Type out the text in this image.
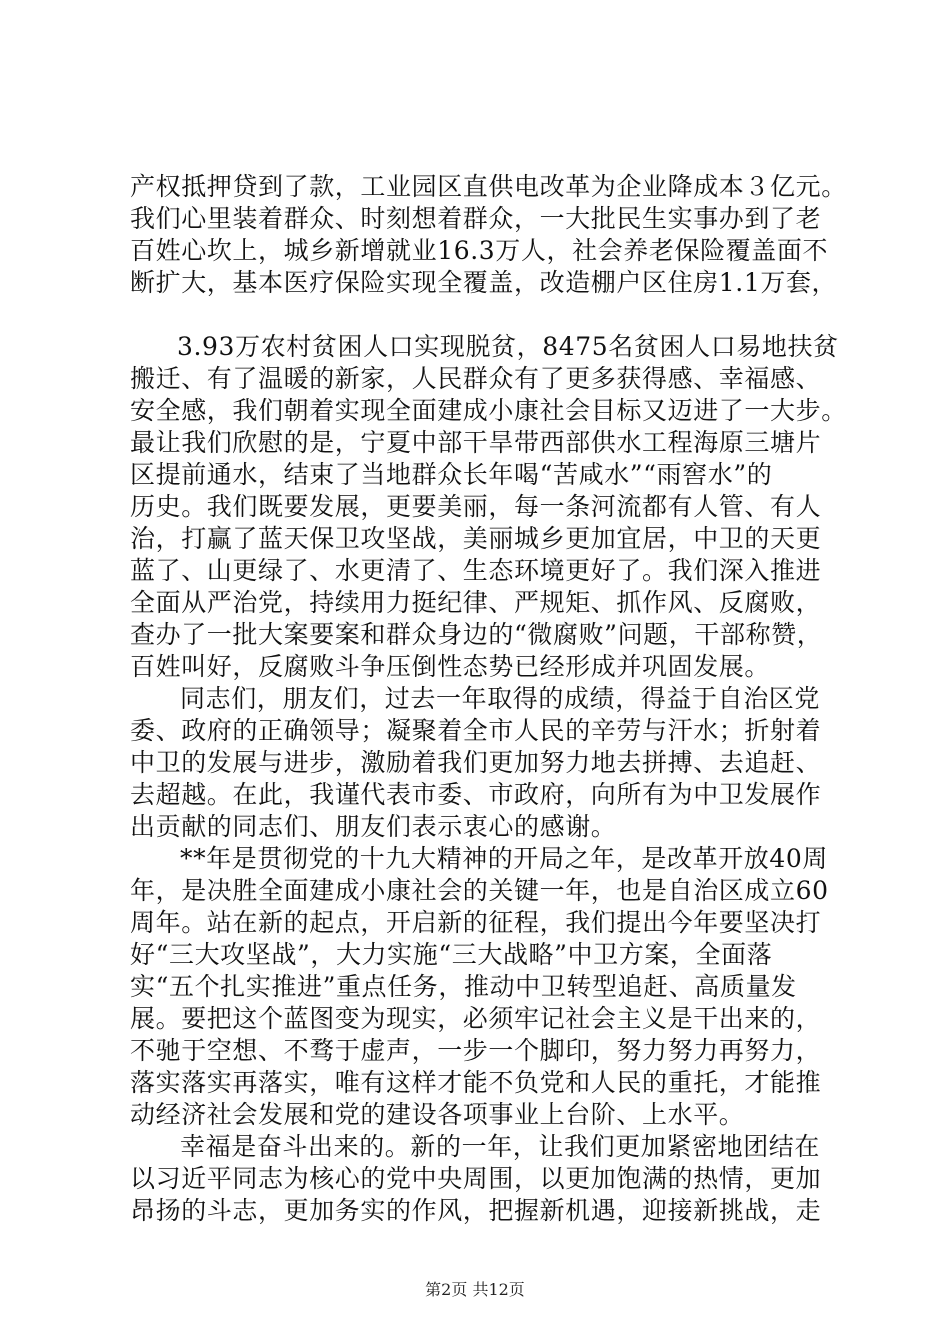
产权抵押贷到了款，工业园区直供电改革为企业降成本３亿元。
我们心里装着群众、时刻想着群众，一大批民生实事办到了老
百姓心坎上，城乡新增就业16.3万人，社会养老保险覆盖面不
断扩大，基本医疗保险实现全覆盖，改造棚户区住房1.1万套，
3.93万农村贫困人口实现脱贫，8475名贫困人口易地扶贫
搬迁、有了温暖的新家，人民群众有了更多获得感、幸福感、
安全感，我们朝着实现全面建成小康社会目标又迈进了一大步。
最让我们欣慰的是，宁夏中部干旱带西部供水工程海原三塘片
区提前通水，结束了当地群众长年喝“苦咸水”“雨窖水”的
历史。我们既要发展，更要美丽，每一条河流都有人管、有人
治，打赢了蓝天保卫攻坚战，美丽城乡更加宜居，中卫的天更
蓝了、山更绿了、水更清了、生态环境更好了。我们深入推进
全面从严治党，持续用力挺纪律、严规矩、抓作风、反腐败，
查办了一批大案要案和群众身边的“微腐败”问题，干部称赞，
百姓叫好，反腐败斗争压倒性态势已经形成并巩固发展。
同志们，朋友们，过去一年取得的成绩，得益于自治区党
委、政府的正确领导；凝聚着全市人民的辛劳与汗水；折射着
中卫的发展与进步，激励着我们更加努力地去拼搏、去追赶、
去超越。在此，我谨代表市委、市政府，向所有为中卫发展作
出贡献的同志们、朋友们表示衷心的感谢。
**年是贯彻党的十九大精神的开局之年，是改革开放40周
年，是决胜全面建成小康社会的关键一年，也是自治区成立60
周年。站在新的起点，开启新的征程，我们提出今年要坚决打
好“三大攻坚战”，大力实施“三大战略”中卫方案，全面落
实“五个扎实推进”重点任务，推动中卫转型追赶、高质量发
展。要把这个蓝图变为现实，必须牢记社会主义是干出来的，
不驰于空想、不骛于虚声，一步一个脚印，努力努力再努力，
落实落实再落实，唯有这样才能不负党和人民的重托，才能推
动经济社会发展和党的建设各项事业上台阶、上水平。
幸福是奋斗出来的。新的一年，让我们更加紧密地团结在
以习近平同志为核心的党中央周围，以更加饱满的热情，更加
昂扬的斗志，更加务实的作风，把握新机遇，迎接新挑战，走
第2页 共12页
